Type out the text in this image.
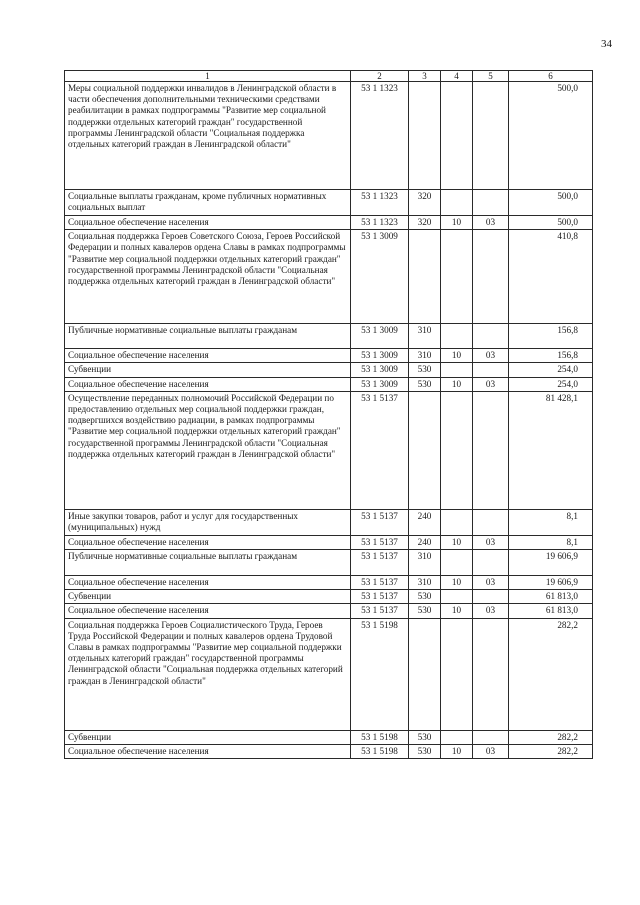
34
1	2	3	4	5	6
Меры социальной поддержки инвалидов в Ленинградской области в части обеспечения дополнительными техническими средствами реабилитации в рамках подпрограммы "Развитие мер социальной поддержки отдельных категорий граждан" государственной программы Ленинградской области "Социальная поддержка отдельных категорий граждан в Ленинградской области"	53 1 1323				500,0
Социальные выплаты гражданам, кроме публичных нормативных социальных выплат	53 1 1323	320			500,0
Социальное обеспечение населения	53 1 1323	320	10	03	500,0
Социальная поддержка Героев Советского Союза, Героев Российской Федерации и полных кавалеров ордена Славы в рамках подпрограммы "Развитие мер социальной поддержки отдельных категорий граждан" государственной программы Ленинградской области "Социальная поддержка отдельных категорий граждан в Ленинградской области"	53 1 3009				410,8
Публичные нормативные социальные выплаты гражданам	53 1 3009	310			156,8
Социальное обеспечение населения	53 1 3009	310	10	03	156,8
Субвенции	53 1 3009	530			254,0
Социальное обеспечение населения	53 1 3009	530	10	03	254,0
Осуществление переданных полномочий Российской Федерации по предоставлению отдельных мер социальной поддержки граждан, подвергшихся воздействию радиации, в рамках подпрограммы "Развитие мер социальной поддержки отдельных категорий граждан" государственной программы Ленинградской области "Социальная поддержка отдельных категорий граждан в Ленинградской области"	53 1 5137				81 428,1
Иные закупки товаров, работ и услуг для государственных (муниципальных) нужд	53 1 5137	240			8,1
Социальное обеспечение населения	53 1 5137	240	10	03	8,1
Публичные нормативные социальные выплаты гражданам	53 1 5137	310			19 606,9
Социальное обеспечение населения	53 1 5137	310	10	03	19 606,9
Субвенции	53 1 5137	530			61 813,0
Социальное обеспечение населения	53 1 5137	530	10	03	61 813,0
Социальная поддержка Героев Социалистического Труда, Героев Труда Российской Федерации и полных кавалеров ордена Трудовой Славы в рамках подпрограммы "Развитие мер социальной поддержки отдельных категорий граждан" государственной программы Ленинградской области "Социальная поддержка отдельных категорий граждан в Ленинградской области"	53 1 5198				282,2
Субвенции	53 1 5198	530			282,2
Социальное обеспечение населения	53 1 5198	530	10	03	282,2
